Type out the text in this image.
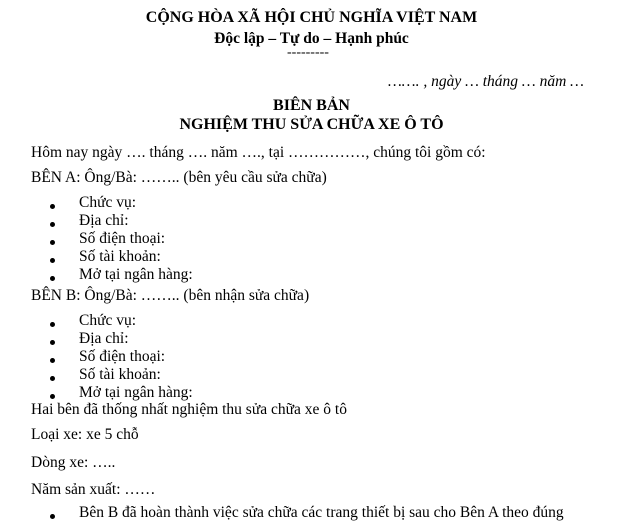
CỘNG HÒA XÃ HỘI CHỦ NGHĨA VIỆT NAM
Độc lập – Tự do – Hạnh phúc
---------
……. , ngày … tháng … năm …
BIÊN BẢN
NGHIỆM THU SỬA CHỮA XE Ô TÔ
Hôm nay ngày …. tháng …. năm …., tại ……………, chúng tôi gồm có:
BÊN A: Ông/Bà: …….. (bên yêu cầu sửa chữa)
Chức vụ:
Địa chỉ:
Số điện thoại:
Số tài khoản:
Mở tại ngân hàng:
BÊN B: Ông/Bà: …….. (bên nhận sửa chữa)
Chức vụ:
Địa chỉ:
Số điện thoại:
Số tài khoản:
Mở tại ngân hàng:
Hai bên đã thống nhất nghiệm thu sửa chữa xe ô tô
Loại xe: xe 5 chỗ
Dòng xe: …..
Năm sản xuất: ……
Bên B đã hoàn thành việc sửa chữa các trang thiết bị sau cho Bên A theo đúng
